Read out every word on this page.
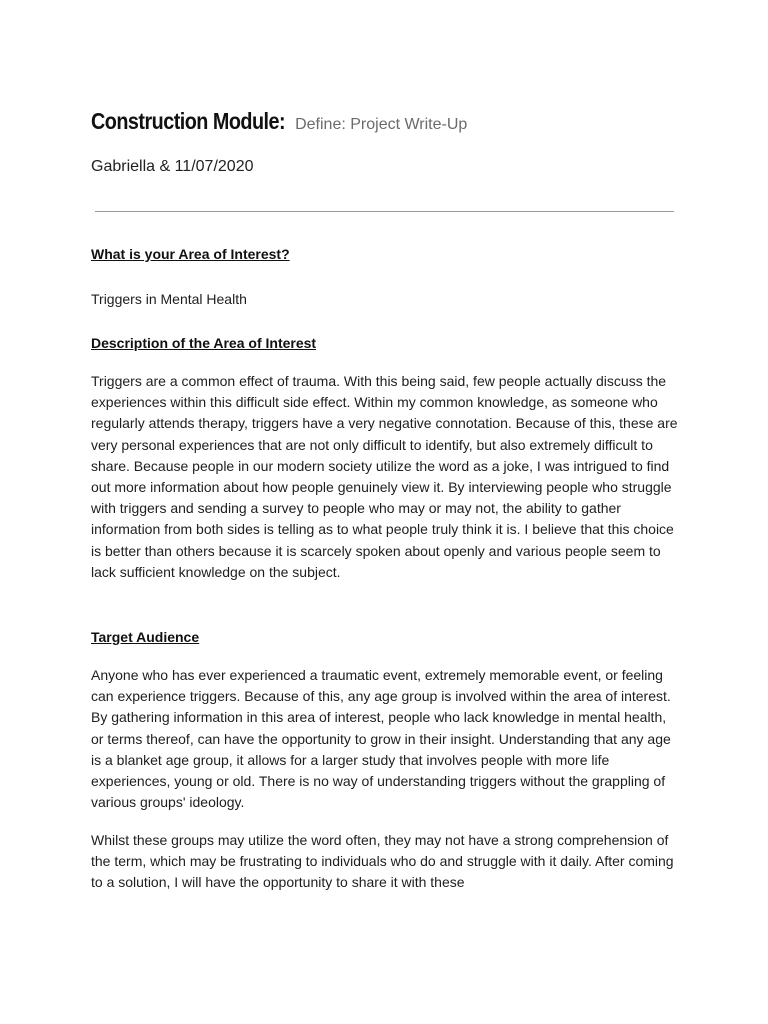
Construction Module: Define: Project Write-Up
Gabriella & 11/07/2020
What is your Area of Interest?

Triggers in Mental Health

Description of the Area of Interest

Triggers are a common effect of trauma. With this being said, few people actually discuss the experiences within this difficult side effect. Within my common knowledge, as someone who regularly attends therapy, triggers have a very negative connotation. Because of this, these are very personal experiences that are not only difficult to identify, but also extremely difficult to share. Because people in our modern society utilize the word as a joke, I was intrigued to find out more information about how people genuinely view it. By interviewing people who struggle with triggers and sending a survey to people who may or may not, the ability to gather information from both sides is telling as to what people truly think it is. I believe that this choice is better than others because it is scarcely spoken about openly and various people seem to lack sufficient knowledge on the subject.

Target Audience

Anyone who has ever experienced a traumatic event, extremely memorable event, or feeling can experience triggers. Because of this, any age group is involved within the area of interest. By gathering information in this area of interest, people who lack knowledge in mental health, or terms thereof, can have the opportunity to grow in their insight. Understanding that any age is a blanket age group, it allows for a larger study that involves people with more life experiences, young or old. There is no way of understanding triggers without the grappling of various groups' ideology.

Whilst these groups may utilize the word often, they may not have a strong comprehension of the term, which may be frustrating to individuals who do and struggle with it daily. After coming to a solution, I will have the opportunity to share it with these
